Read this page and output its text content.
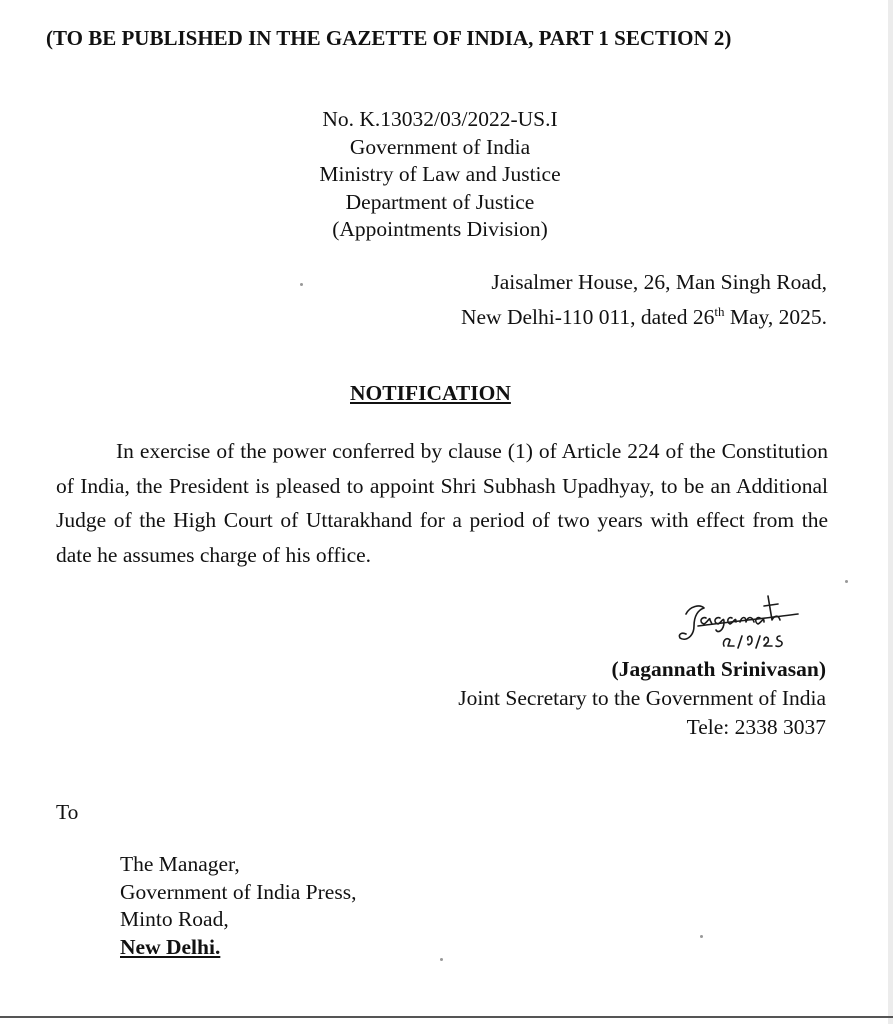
(TO BE PUBLISHED IN THE GAZETTE OF INDIA, PART 1 SECTION 2)
No. K.13032/03/2022-US.I
Government of India
Ministry of Law and Justice
Department of Justice
(Appointments Division)
Jaisalmer House, 26, Man Singh Road,
New Delhi-110 011, dated 26th May, 2025.
NOTIFICATION
In exercise of the power conferred by clause (1) of Article 224 of the Constitution of India, the President is pleased to appoint Shri Subhash Upadhyay, to be an Additional Judge of the High Court of Uttarakhand for a period of two years with effect from the date he assumes charge of his office.
(Jagannath Srinivasan)
Joint Secretary to the Government of India
Tele: 2338 3037
To
The Manager,
Government of India Press,
Minto Road,
New Delhi.
